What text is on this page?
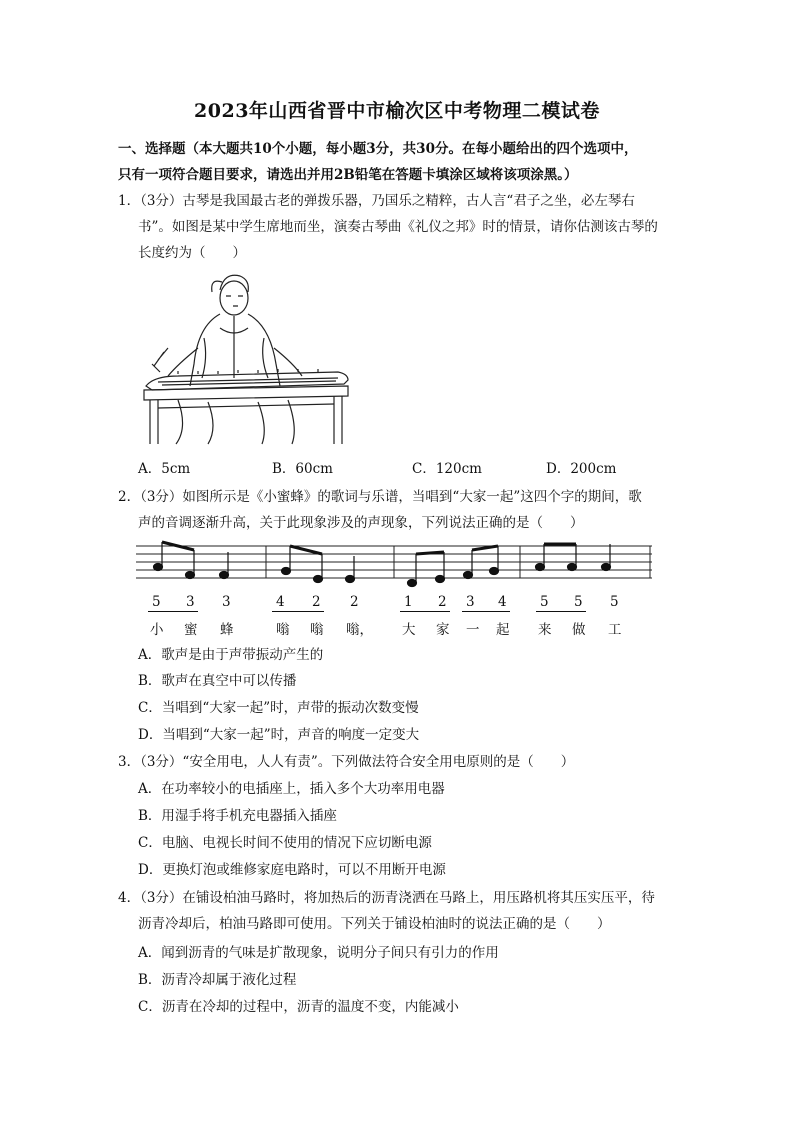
2023年山西省晋中市榆次区中考物理二模试卷
一、选择题（本大题共10个小题，每小题3分，共30分。在每小题给出的四个选项中，
只有一项符合题目要求，请选出并用2B铅笔在答题卡填涂区域将该项涂黑。）
1．（3分）古琴是我国最古老的弹拨乐器，乃国乐之精粹，古人言“君子之坐，必左琴右
书”。如图是某中学生席地而坐，演奏古琴曲《礼仪之邦》时的情景，请你估测该古琴的
长度约为（　　）
A．5cm	B．60cm	C．120cm	D．200cm
2．（3分）如图所示是《小蜜蜂》的歌词与乐谱，当唱到“大家一起”这四个字的期间，歌
声的音调逐渐升高，关于此现象涉及的声现象，下列说法正确的是（　　）
5 3 3	4 2 2	1 2 3 4 5 5 5
小 蜜 蜂	嗡 嗡 嗡， 大 家 一 起 来 做 工
A．歌声是由于声带振动产生的
B．歌声在真空中可以传播
C．当唱到“大家一起”时，声带的振动次数变慢
D．当唱到“大家一起”时，声音的响度一定变大
3．（3分）“安全用电，人人有责”。下列做法符合安全用电原则的是（　　）
A．在功率较小的电插座上，插入多个大功率用电器
B．用湿手将手机充电器插入插座
C．电脑、电视长时间不使用的情况下应切断电源
D．更换灯泡或维修家庭电路时，可以不用断开电源
4．（3分）在铺设柏油马路时，将加热后的沥青浇洒在马路上，用压路机将其压实压平，待
沥青冷却后，柏油马路即可使用。下列关于铺设柏油时的说法正确的是（　　）
A．闻到沥青的气味是扩散现象，说明分子间只有引力的作用
B．沥青冷却属于液化过程
C．沥青在冷却的过程中，沥青的温度不变，内能减小
